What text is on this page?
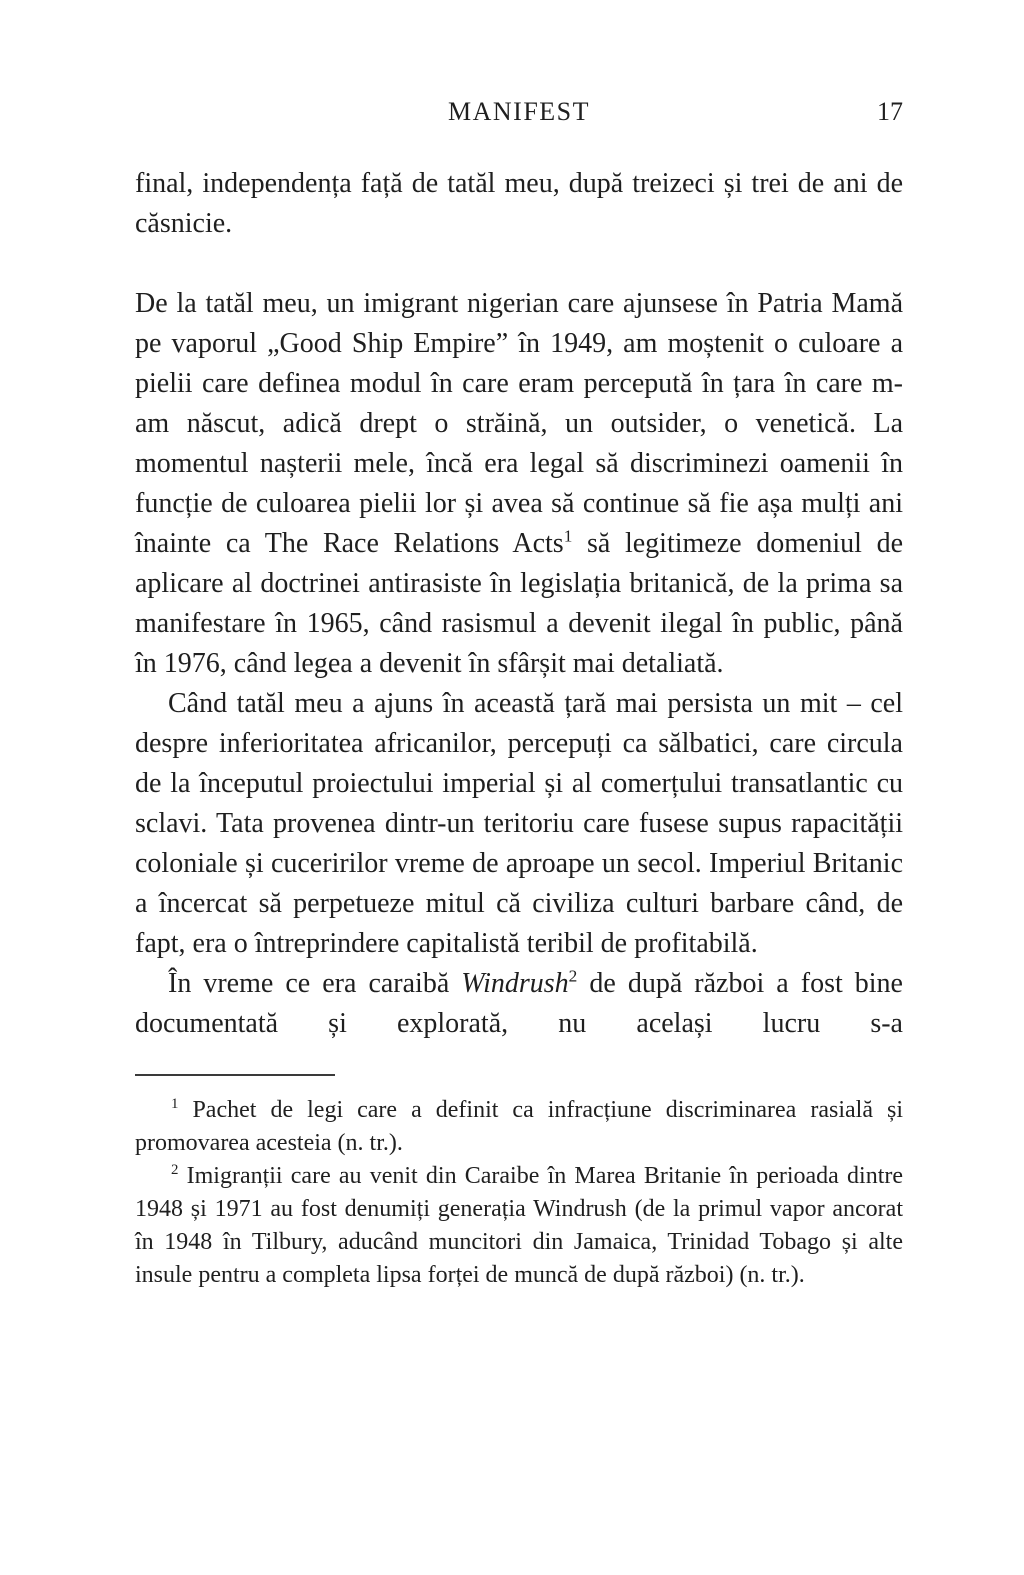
MANIFEST	17

final, independența față de tatăl meu, după treizeci și trei de ani de căsnicie.

De la tatăl meu, un imigrant nigerian care ajunsese în Patria Mamă pe vaporul „Good Ship Empire” în 1949, am moștenit o culoare a pielii care definea modul în care eram percepută în țara în care m-am născut, adică drept o străină, un outsider, o venetică. La momentul nașterii mele, încă era legal să discriminezi oamenii în funcție de culoarea pielii lor și avea să continue să fie așa mulți ani înainte ca The Race Relations Acts$^1$ să legitimeze domeniul de aplicare al doctrinei antirasiste în legislația britanică, de la prima sa manifestare în 1965, când rasismul a devenit ilegal în public, până în 1976, când legea a devenit în sfârșit mai detaliată.

Când tatăl meu a ajuns în această țară mai persista un mit – cel despre inferioritatea africanilor, percepuți ca sălbatici, care circula de la începutul proiectului imperial și al comerțului transatlantic cu sclavi. Tata provenea dintr-un teritoriu care fusese supus rapacității coloniale și cuceririlor vreme de aproape un secol. Imperiul Britanic a încercat să perpetueze mitul că civiliza culturi barbare când, de fapt, era o întreprindere capitalistă teribil de profitabilă.

În vreme ce era caraibă Windrush$^2$ de după război a fost bine documentată și explorată, nu același lucru s-a

$^1$ Pachet de legi care a definit ca infracțiune discriminarea rasială și promovarea acesteia (n. tr.).

$^2$ Imigranții care au venit din Caraibe în Marea Britanie în perioada dintre 1948 și 1971 au fost denumiți generația Windrush (de la primul vapor ancorat în 1948 în Tilbury, aducând muncitori din Jamaica, Trinidad Tobago și alte insule pentru a completa lipsa forței de muncă de după război) (n. tr.).
